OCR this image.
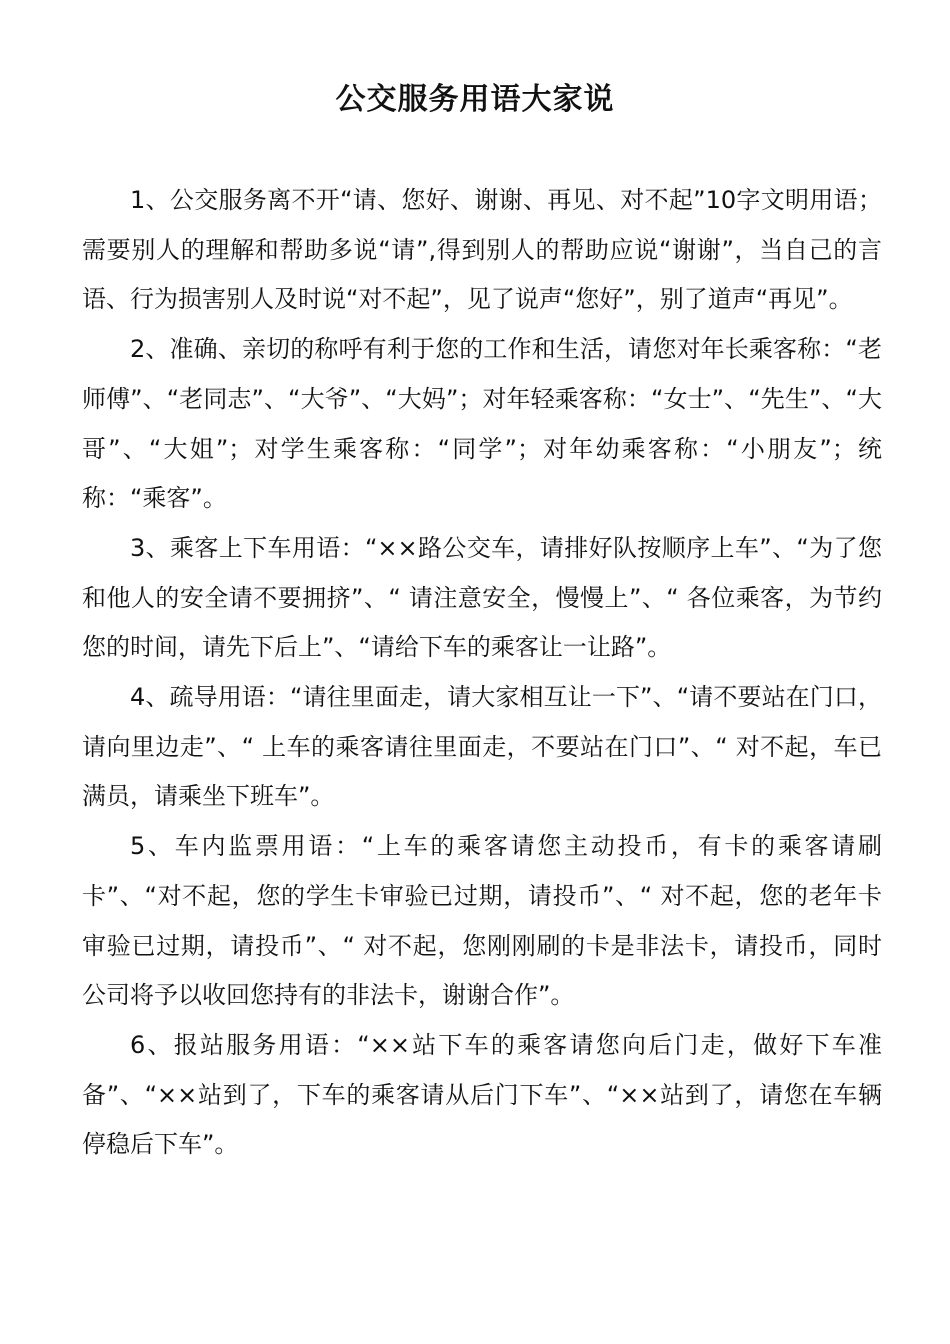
公交服务用语大家说

1、公交服务离不开“请、您好、谢谢、再见、对不起”10字文明用语；需要别人的理解和帮助多说“请”,得到别人的帮助应说“谢谢”，当自己的言语、行为损害别人及时说“对不起”，见了说声“您好”，别了道声“再见”。

2、准确、亲切的称呼有利于您的工作和生活，请您对年长乘客称：“老师傅”、“老同志”、“大爷”、“大妈”；对年轻乘客称：“女士”、“先生”、“大哥”、“大姐”；对学生乘客称：“同学”；对年幼乘客称：“小朋友”；统称：“乘客”。

3、乘客上下车用语：“××路公交车，请排好队按顺序上车”、“为了您和他人的安全请不要拥挤”、“ 请注意安全，慢慢上”、“ 各位乘客，为节约您的时间，请先下后上”、“请给下车的乘客让一让路”。

4、疏导用语：“请往里面走，请大家相互让一下”、“请不要站在门口，请向里边走”、“ 上车的乘客请往里面走，不要站在门口”、“ 对不起，车已满员，请乘坐下班车”。

5、车内监票用语：“上车的乘客请您主动投币，有卡的乘客请刷卡”、“对不起，您的学生卡审验已过期，请投币”、“ 对不起，您的老年卡审验已过期，请投币”、“ 对不起，您刚刚刷的卡是非法卡，请投币，同时公司将予以收回您持有的非法卡，谢谢合作”。

6、报站服务用语：“××站下车的乘客请您向后门走，做好下车准备”、“××站到了，下车的乘客请从后门下车”、“××站到了，请您在车辆停稳后下车”。
